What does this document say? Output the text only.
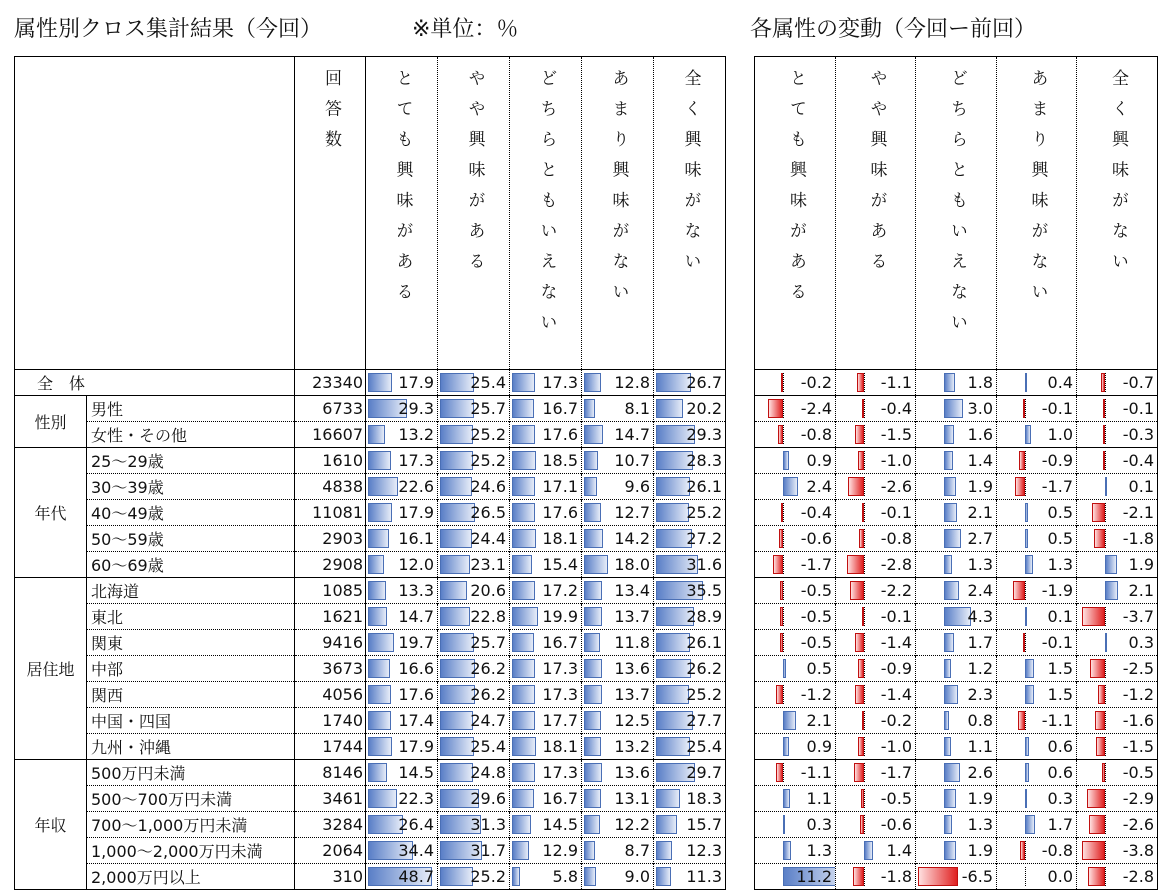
属性別クロス集計結果（今回）	※単位：％	各属性の変動（今回ー前回）

		回答数	とても興味がある	やや興味がある	どちらともいえない	あまり興味がない	全く興味がない

全　体		23340	17.9	25.4	17.3	12.8	26.7

性別	男性	6733	29.3	25.7	16.7	8.1	20.2

	女性・その他	16607	13.2	25.2	17.6	14.7	29.3

年代	25～29歳	1610	17.3	25.2	18.5	10.7	28.3

	30～39歳	4838	22.6	24.6	17.1	9.6	26.1

	40～49歳	11081	17.9	26.5	17.6	12.7	25.2

	50～59歳	2903	16.1	24.4	18.1	14.2	27.2

	60～69歳	2908	12.0	23.1	15.4	18.0	31.6

居住地	北海道	1085	13.3	20.6	17.2	13.4	35.5

	東北	1621	14.7	22.8	19.9	13.7	28.9

	関東	9416	19.7	25.7	16.7	11.8	26.1

	中部	3673	16.6	26.2	17.3	13.6	26.2

	関西	4056	17.6	26.2	17.3	13.7	25.2

	中国・四国	1740	17.4	24.7	17.7	12.5	27.7

	九州・沖縄	1744	17.9	25.4	18.1	13.2	25.4

年収	500万円未満	8146	14.5	24.8	17.3	13.6	29.7

	500～700万円未満	3461	22.3	29.6	16.7	13.1	18.3

	700～1,000万円未満	3284	26.4	31.3	14.5	12.2	15.7

	1,000～2,000万円未満	2064	34.4	31.7	12.9	8.7	12.3

	2,000万円以上	310	48.7	25.2	5.8	9.0	11.3
とても興味がある	やや興味がある	どちらともいえない	あまり興味がない	全く興味がない

-0.2	-1.1	1.8	0.4	-0.7

-2.4	-0.4	3.0	-0.1	-0.1

-0.8	-1.5	1.6	1.0	-0.3

0.9	-1.0	1.4	-0.9	-0.4

2.4	-2.6	1.9	-1.7	0.1

-0.4	-0.1	2.1	0.5	-2.1

-0.6	-0.8	2.7	0.5	-1.8

-1.7	-2.8	1.3	1.3	1.9

-0.5	-2.2	2.4	-1.9	2.1

-0.5	-0.1	4.3	0.1	-3.7

-0.5	-1.4	1.7	-0.1	0.3

0.5	-0.9	1.2	1.5	-2.5

-1.2	-1.4	2.3	1.5	-1.2

2.1	-0.2	0.8	-1.1	-1.6

0.9	-1.0	1.1	0.6	-1.5

-1.1	-1.7	2.6	0.6	-0.5

1.1	-0.5	1.9	0.3	-2.9

0.3	-0.6	1.3	1.7	-2.6

1.3	1.4	1.9	-0.8	-3.8

11.2	-1.8	-6.5	0.0	-2.8
